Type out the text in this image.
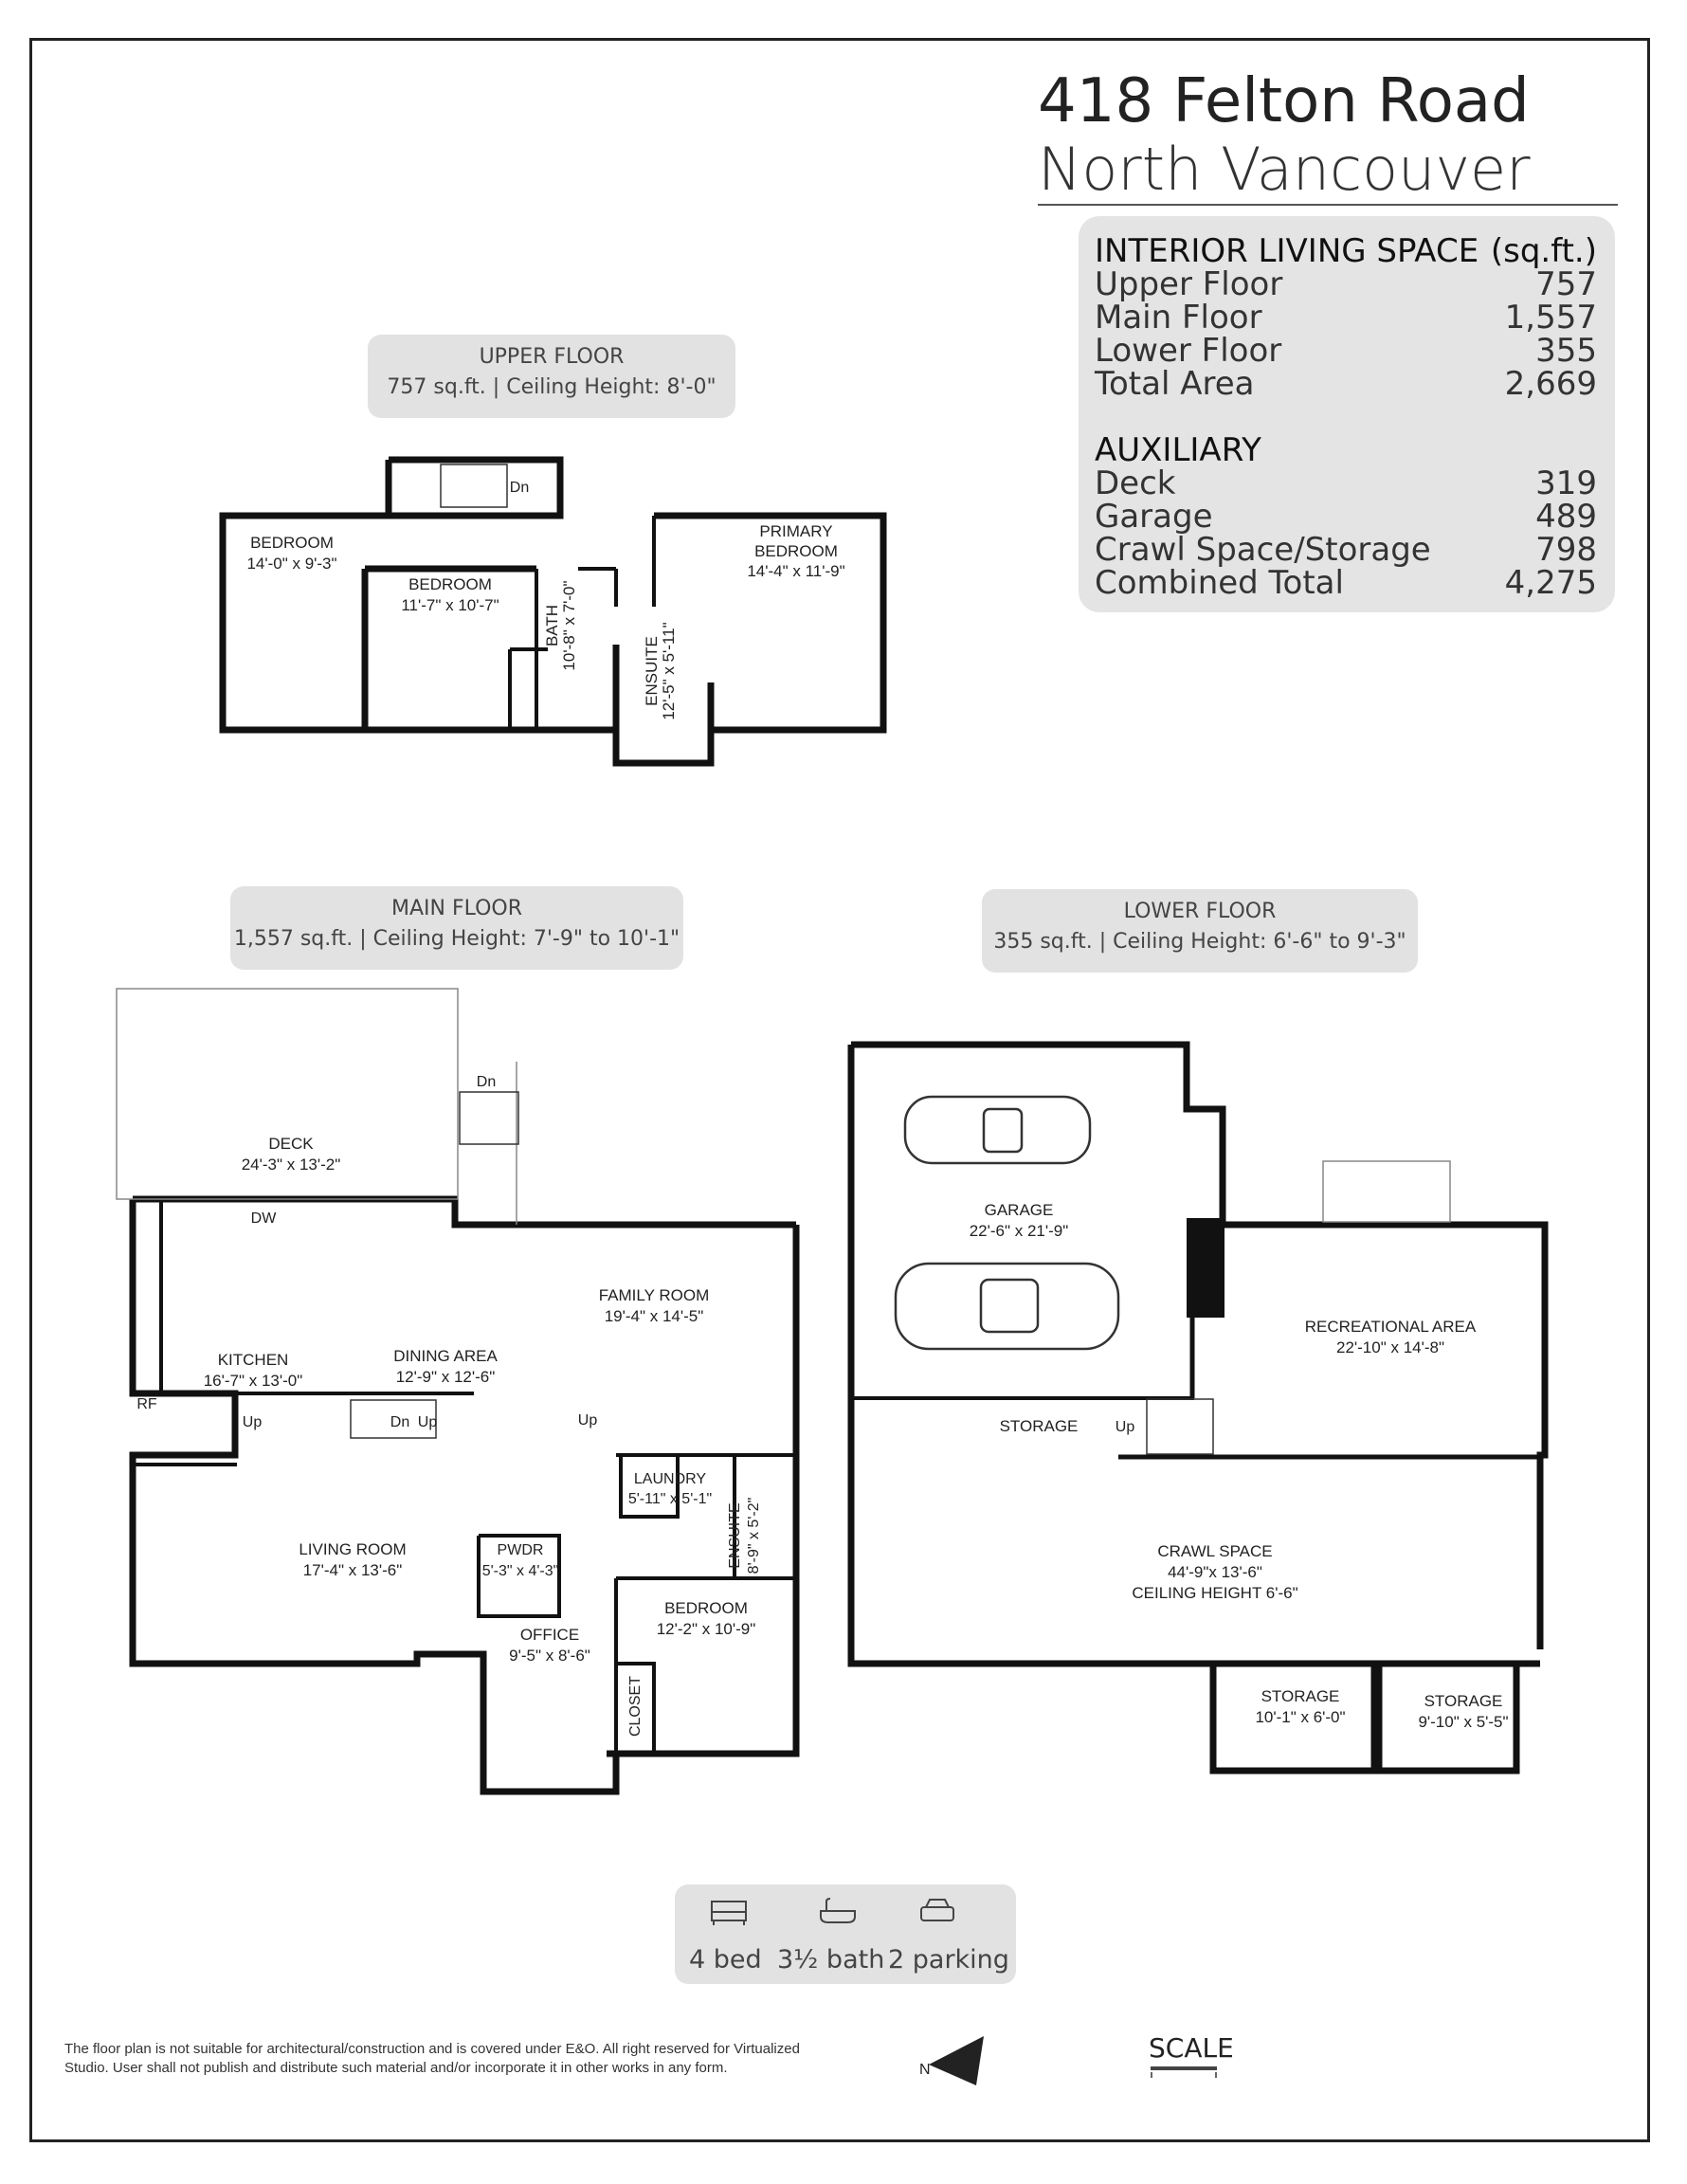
418 Felton Road
North Vancouver
INTERIOR LIVING SPACE (sq.ft.)
Upper Floor	757
Main Floor	1,557
Lower Floor	355
Total Area	2,669
AUXILIARY
Deck	319
Garage	489
Crawl Space/Storage	798
Combined Total	4,275
UPPER FLOOR
757 sq.ft. | Ceiling Height: 8'-0"
MAIN FLOOR
1,557 sq.ft. | Ceiling Height: 7'-9" to 10'-1"
LOWER FLOOR
355 sq.ft. | Ceiling Height: 6'-6" to 9'-3"
BEDROOM
14'-0" x 9'-3"
BEDROOM
11'-7" x 10'-7"
PRIMARY
BEDROOM
14'-4" x 11'-9"
BATH 10'-8" x 7'-0"
ENSUITE 12'-5" x 5'-11"
DECK
24'-3" x 13'-2"
KITCHEN
16'-7" x 13'-0"
DINING AREA
12'-9" x 12'-6"
FAMILY ROOM
19'-4" x 14'-5"
LIVING ROOM
17'-4" x 13'-6"
LAUNDRY
5'-11" x 5'-1"
PWDR
5'-3" x 4'-3"
OFFICE
9'-5" x 8'-6"
BEDROOM
12'-2" x 10'-9"
ENSUITE 8'-9" x 5'-2"
CLOSET
GARAGE
22'-6" x 21'-9"
RECREATIONAL AREA
22'-10" x 14'-8"
STORAGE
CRAWL SPACE
44'-9"x 13'-6"
CEILING HEIGHT 6'-6"
STORAGE
10'-1" x 6'-0"
STORAGE
9'-10" x 5'-5"
Dn
Dn
Dn
Up	Up	Up	Up
DW
RF
N
4 bed 3½ bath 2 parking
The floor plan is not suitable for architectural/construction and is covered under E&O. All right reserved for Virtualized Studio. User shall not publish and distribute such material and/or incorporate it in other works in any form.
SCALE
